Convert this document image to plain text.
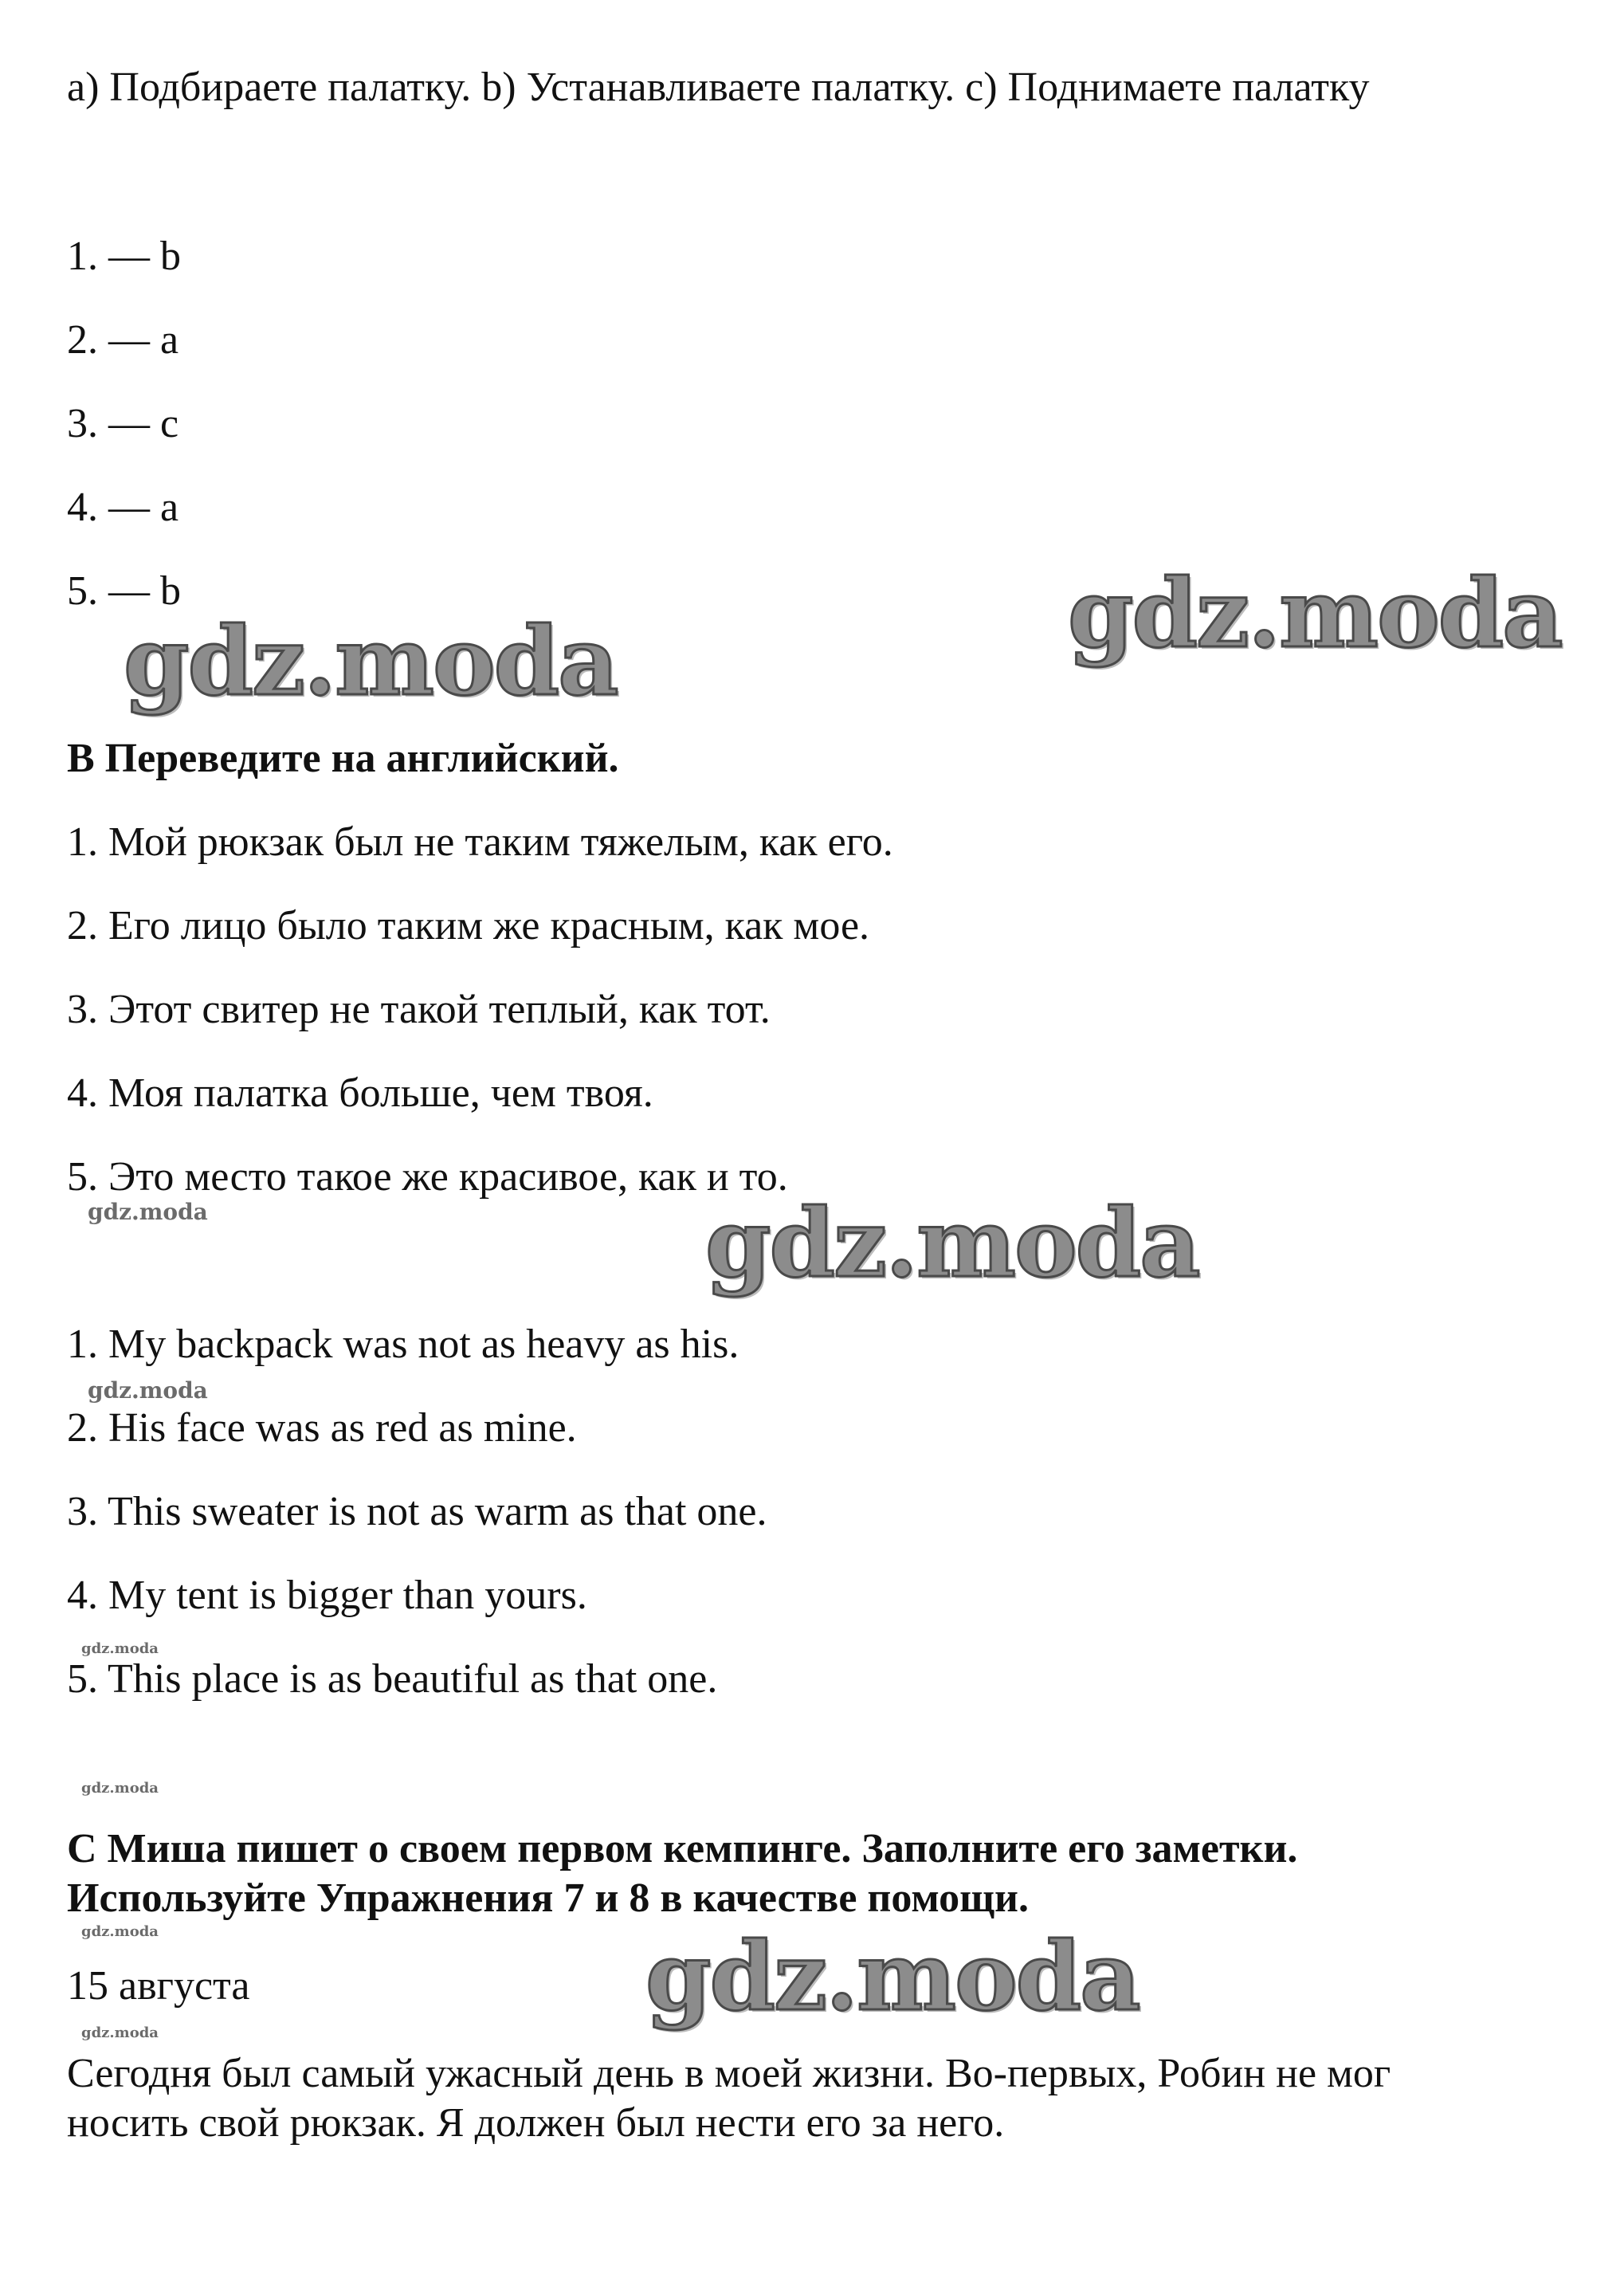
a) Подбираете палатку. b) Устанавливаете палатку. c) Поднимаете палатку
1. — b
2. — a
3. — c
4. — a
5. — b
B Переведите на английский.
1. Мой рюкзак был не таким тяжелым, как его.
2. Его лицо было таким же красным, как мое.
3. Этот свитер не такой теплый, как тот.
4. Моя палатка больше, чем твоя.
5. Это место такое же красивое, как и то.
1. My backpack was not as heavy as his.
2. His face was as red as mine.
3. This sweater is not as warm as that one.
4. My tent is bigger than yours.
5. This place is as beautiful as that one.
C Миша пишет о своем первом кемпинге. Заполните его заметки.
Используйте Упражнения 7 и 8 в качестве помощи.
15 августа
Сегодня был самый ужасный день в моей жизни. Во-первых, Робин не мог
носить свой рюкзак. Я должен был нести его за него.
gdz.moda	gdz.moda
gdz.moda
gdz.moda
gdz.moda
gdz.moda
gdz.moda
gdz.moda
gdz.moda
gdz.moda
